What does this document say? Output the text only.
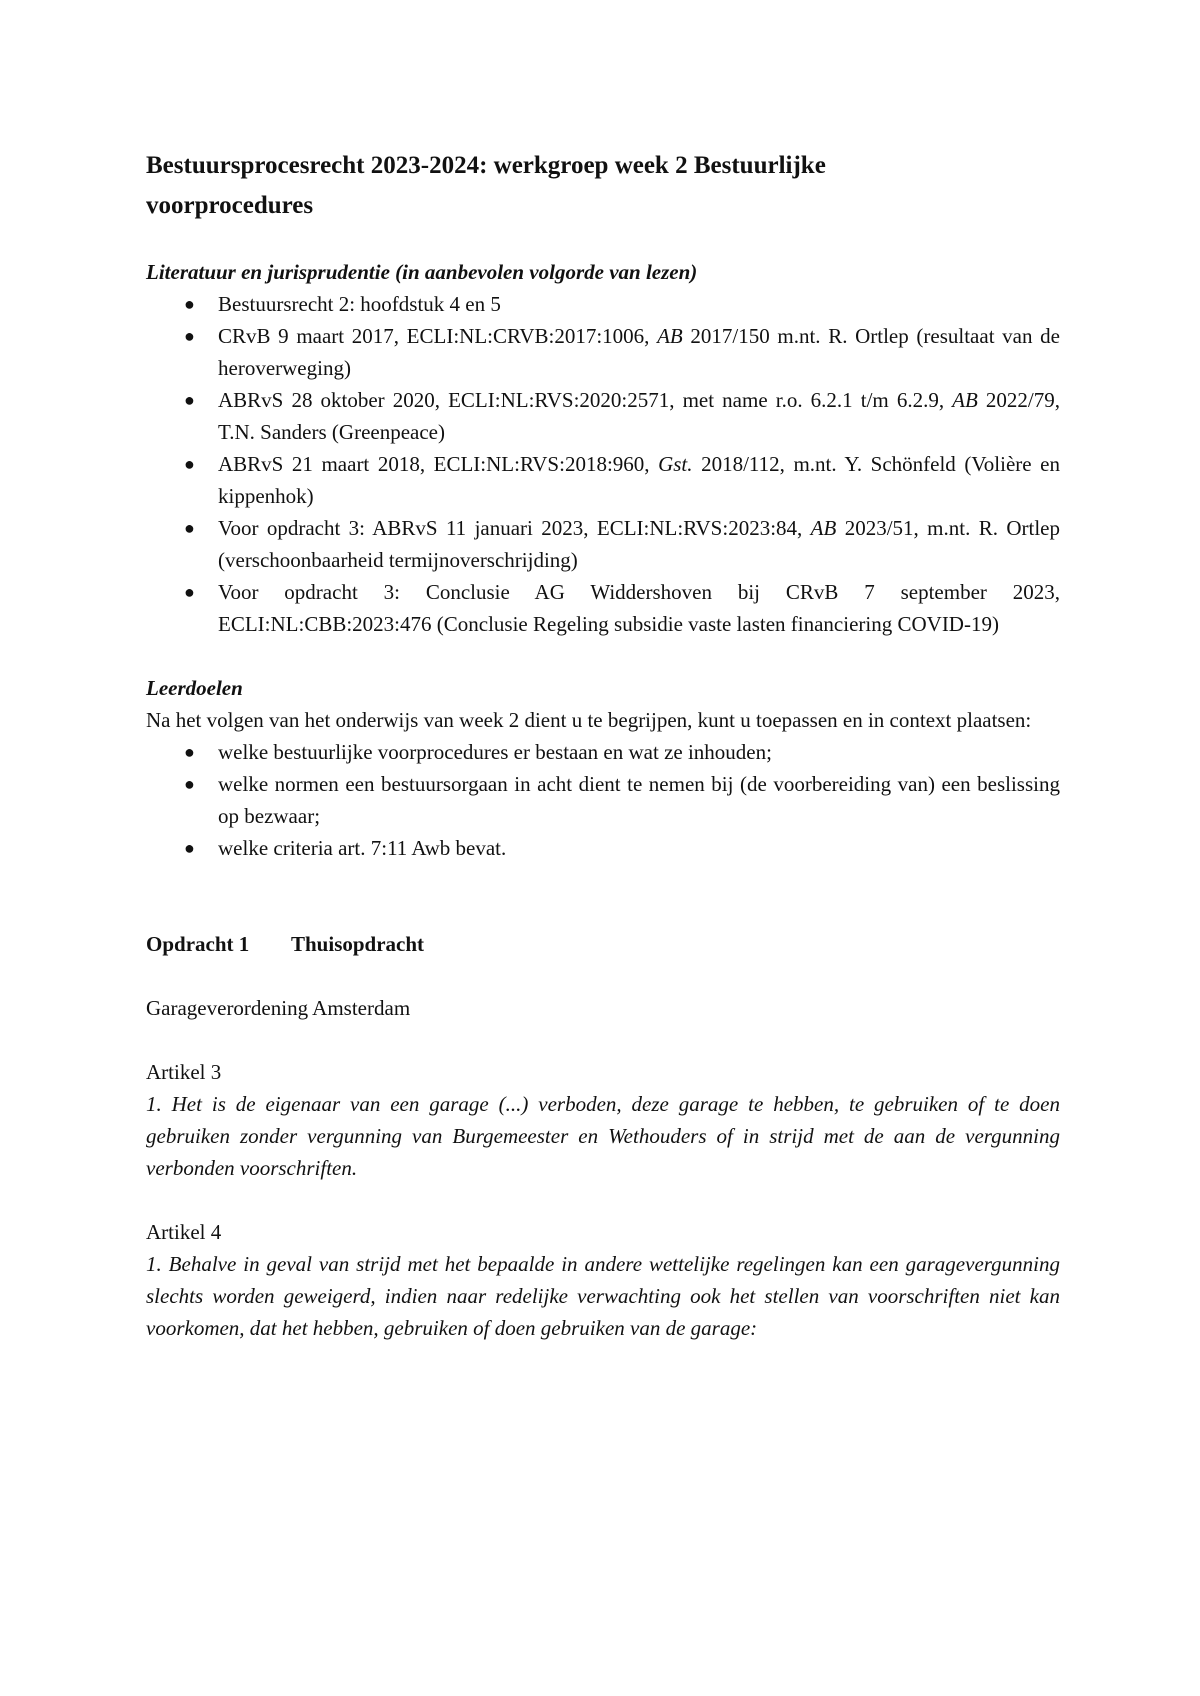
Bestuursprocesrecht 2023-2024: werkgroep week 2 Bestuurlijke
voorprocedures
Literatuur en jurisprudentie (in aanbevolen volgorde van lezen)
● Bestuursrecht 2: hoofdstuk 4 en 5
● CRvB 9 maart 2017, ECLI:NL:CRVB:2017:1006, AB 2017/150 m.nt. R. Ortlep (resultaat van de heroverweging)
● ABRvS 28 oktober 2020, ECLI:NL:RVS:2020:2571, met name r.o. 6.2.1 t/m 6.2.9, AB 2022/79, T.N. Sanders (Greenpeace)
● ABRvS 21 maart 2018, ECLI:NL:RVS:2018:960, Gst. 2018/112, m.nt. Y. Schönfeld (Volière en kippenhok)
● Voor opdracht 3: ABRvS 11 januari 2023, ECLI:NL:RVS:2023:84, AB 2023/51, m.nt. R. Ortlep (verschoonbaarheid termijnoverschrijding)
● Voor opdracht 3: Conclusie AG Widdershoven bij CRvB 7 september 2023, ECLI:NL:CBB:2023:476 (Conclusie Regeling subsidie vaste lasten financiering COVID-19)
Leerdoelen

Na het volgen van het onderwijs van week 2 dient u te begrijpen, kunt u toepassen en in context plaatsen:

● welke bestuurlijke voorprocedures er bestaan en wat ze inhouden;
● welke normen een bestuursorgaan in acht dient te nemen bij (de voorbereiding van) een beslissing op bezwaar;
● welke criteria art. 7:11 Awb bevat.
Opdracht 1 Thuisopdracht

Garageverordening Amsterdam

Artikel 3

1. Het is de eigenaar van een garage (...) verboden, deze garage te hebben, te gebruiken of te doen gebruiken zonder vergunning van Burgemeester en Wethouders of in strijd met de aan de vergunning verbonden voorschriften.

Artikel 4

1. Behalve in geval van strijd met het bepaalde in andere wettelijke regelingen kan een garagevergunning slechts worden geweigerd, indien naar redelijke verwachting ook het stellen van voorschriften niet kan voorkomen, dat het hebben, gebruiken of doen gebruiken van de garage:
